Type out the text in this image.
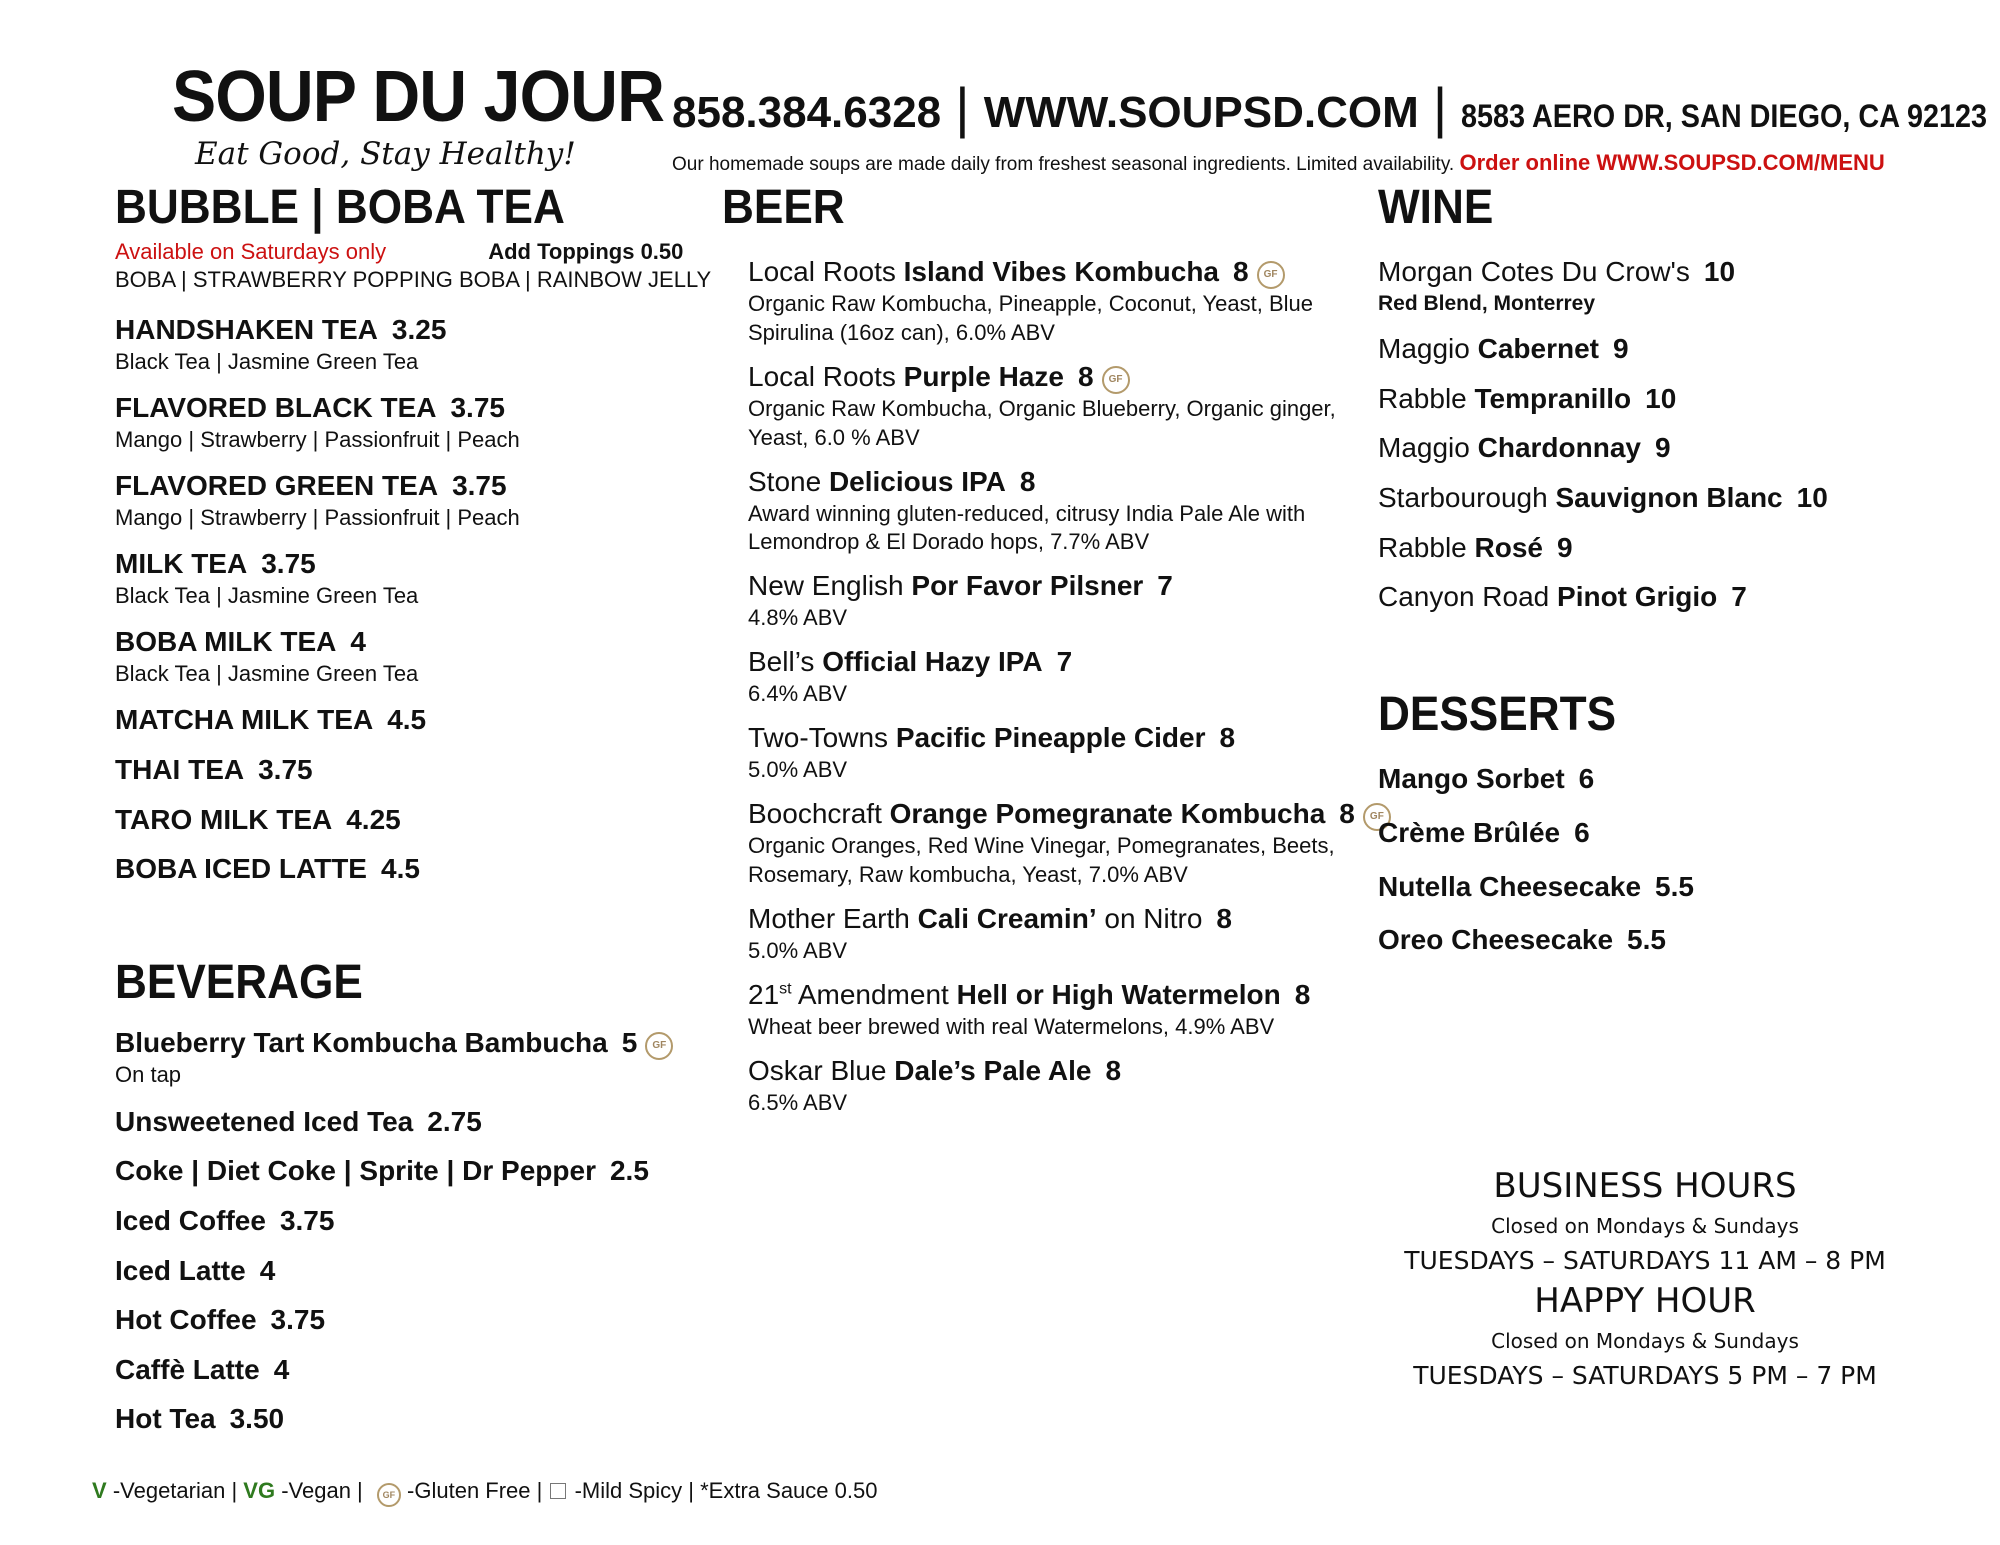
SOUP DU JOUR
Eat Good, Stay Healthy!
858.384.6328 | WWW.SOUPSD.COM | 8583 AERO DR, SAN DIEGO, CA 92123
Our homemade soups are made daily from freshest seasonal ingredients. Limited availability. Order online WWW.SOUPSD.COM/MENU
BUBBLE | BOBA TEA
Available on Saturdays only	Add Toppings 0.50
BOBA | STRAWBERRY POPPING BOBA | RAINBOW JELLY
HANDSHAKEN TEA 3.25
Black Tea | Jasmine Green Tea
FLAVORED BLACK TEA 3.75
Mango | Strawberry | Passionfruit | Peach
FLAVORED GREEN TEA 3.75
Mango | Strawberry | Passionfruit | Peach
MILK TEA 3.75
Black Tea | Jasmine Green Tea
BOBA MILK TEA 4
Black Tea | Jasmine Green Tea
MATCHA MILK TEA 4.5
THAI TEA 3.75
TARO MILK TEA 4.25
BOBA ICED LATTE 4.5
BEVERAGE
Blueberry Tart Kombucha Bambucha 5 GF
On tap
Unsweetened Iced Tea 2.75
Coke | Diet Coke | Sprite | Dr Pepper 2.5
Iced Coffee 3.75
Iced Latte 4
Hot Coffee 3.75
Caffè Latte 4
Hot Tea 3.50
BEER
Local Roots Island Vibes Kombucha 8 GF
Organic Raw Kombucha, Pineapple, Coconut, Yeast, Blue
Spirulina (16oz can), 6.0% ABV
Local Roots Purple Haze 8 GF
Organic Raw Kombucha, Organic Blueberry, Organic ginger,
Yeast, 6.0 % ABV
Stone Delicious IPA 8
Award winning gluten-reduced, citrusy India Pale Ale with
Lemondrop & El Dorado hops, 7.7% ABV
New English Por Favor Pilsner 7
4.8% ABV
Bell’s Official Hazy IPA 7
6.4% ABV
Two-Towns Pacific Pineapple Cider 8
5.0% ABV
Boochcraft Orange Pomegranate Kombucha 8 GF
Organic Oranges, Red Wine Vinegar, Pomegranates, Beets,
Rosemary, Raw kombucha, Yeast, 7.0% ABV
Mother Earth Cali Creamin’ on Nitro 8
5.0% ABV
21st Amendment Hell or High Watermelon 8
Wheat beer brewed with real Watermelons, 4.9% ABV
Oskar Blue Dale’s Pale Ale 8
6.5% ABV
WINE
Morgan Cotes Du Crow's 10
Red Blend, Monterrey
Maggio Cabernet 9
Rabble Tempranillo 10
Maggio Chardonnay 9
Starbourough Sauvignon Blanc 10
Rabble Rosé 9
Canyon Road Pinot Grigio 7
DESSERTS
Mango Sorbet 6
Crème Brûlée 6
Nutella Cheesecake 5.5
Oreo Cheesecake 5.5
BUSINESS HOURS
Closed on Mondays & Sundays
TUESDAYS – SATURDAYS 11 AM – 8 PM
HAPPY HOUR
Closed on Mondays & Sundays
TUESDAYS – SATURDAYS 5 PM – 7 PM
V -Vegetarian | VG -Vegan | GF -Gluten Free | -Mild Spicy | *Extra Sauce 0.50
